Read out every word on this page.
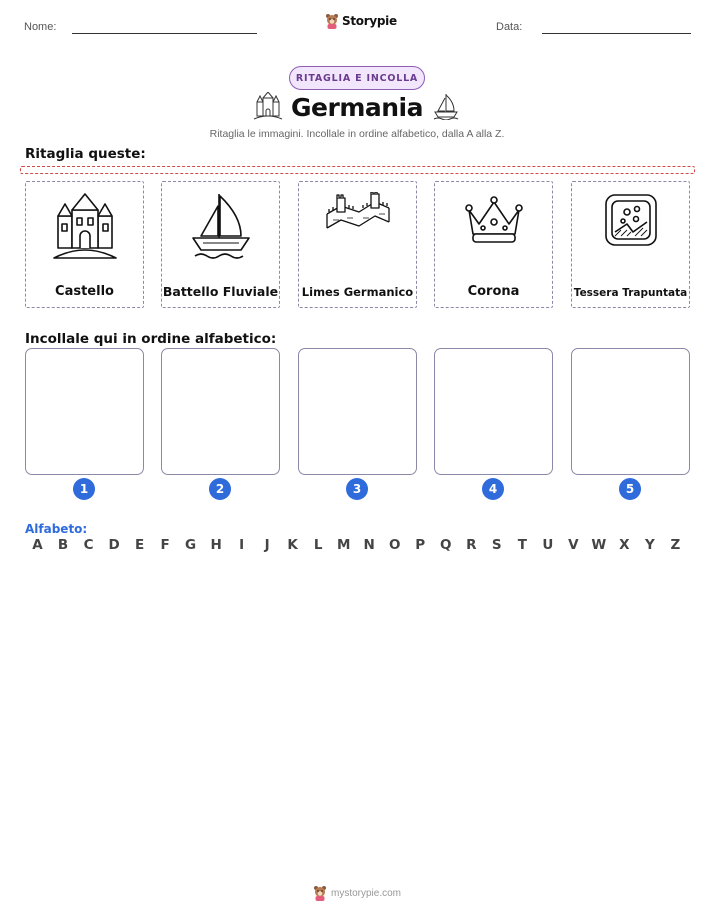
Nome:	Storypie	Data:
RITAGLIA E INCOLLA
Germania
Ritaglia le immagini. Incollale in ordine alfabetico, dalla A alla Z.
Ritaglia queste:
Castello	Battello Fluviale Limes Germanico	Corona	Tessera Trapuntata
Incollale qui in ordine alfabetico:
1	2	3	4	5
Alfabeto:
A	B	C	D	E	F	G	H	I	J	K	L	M N	O	P	Q	R	S	T	U	V W X	Y	Z
mystorypie.com
